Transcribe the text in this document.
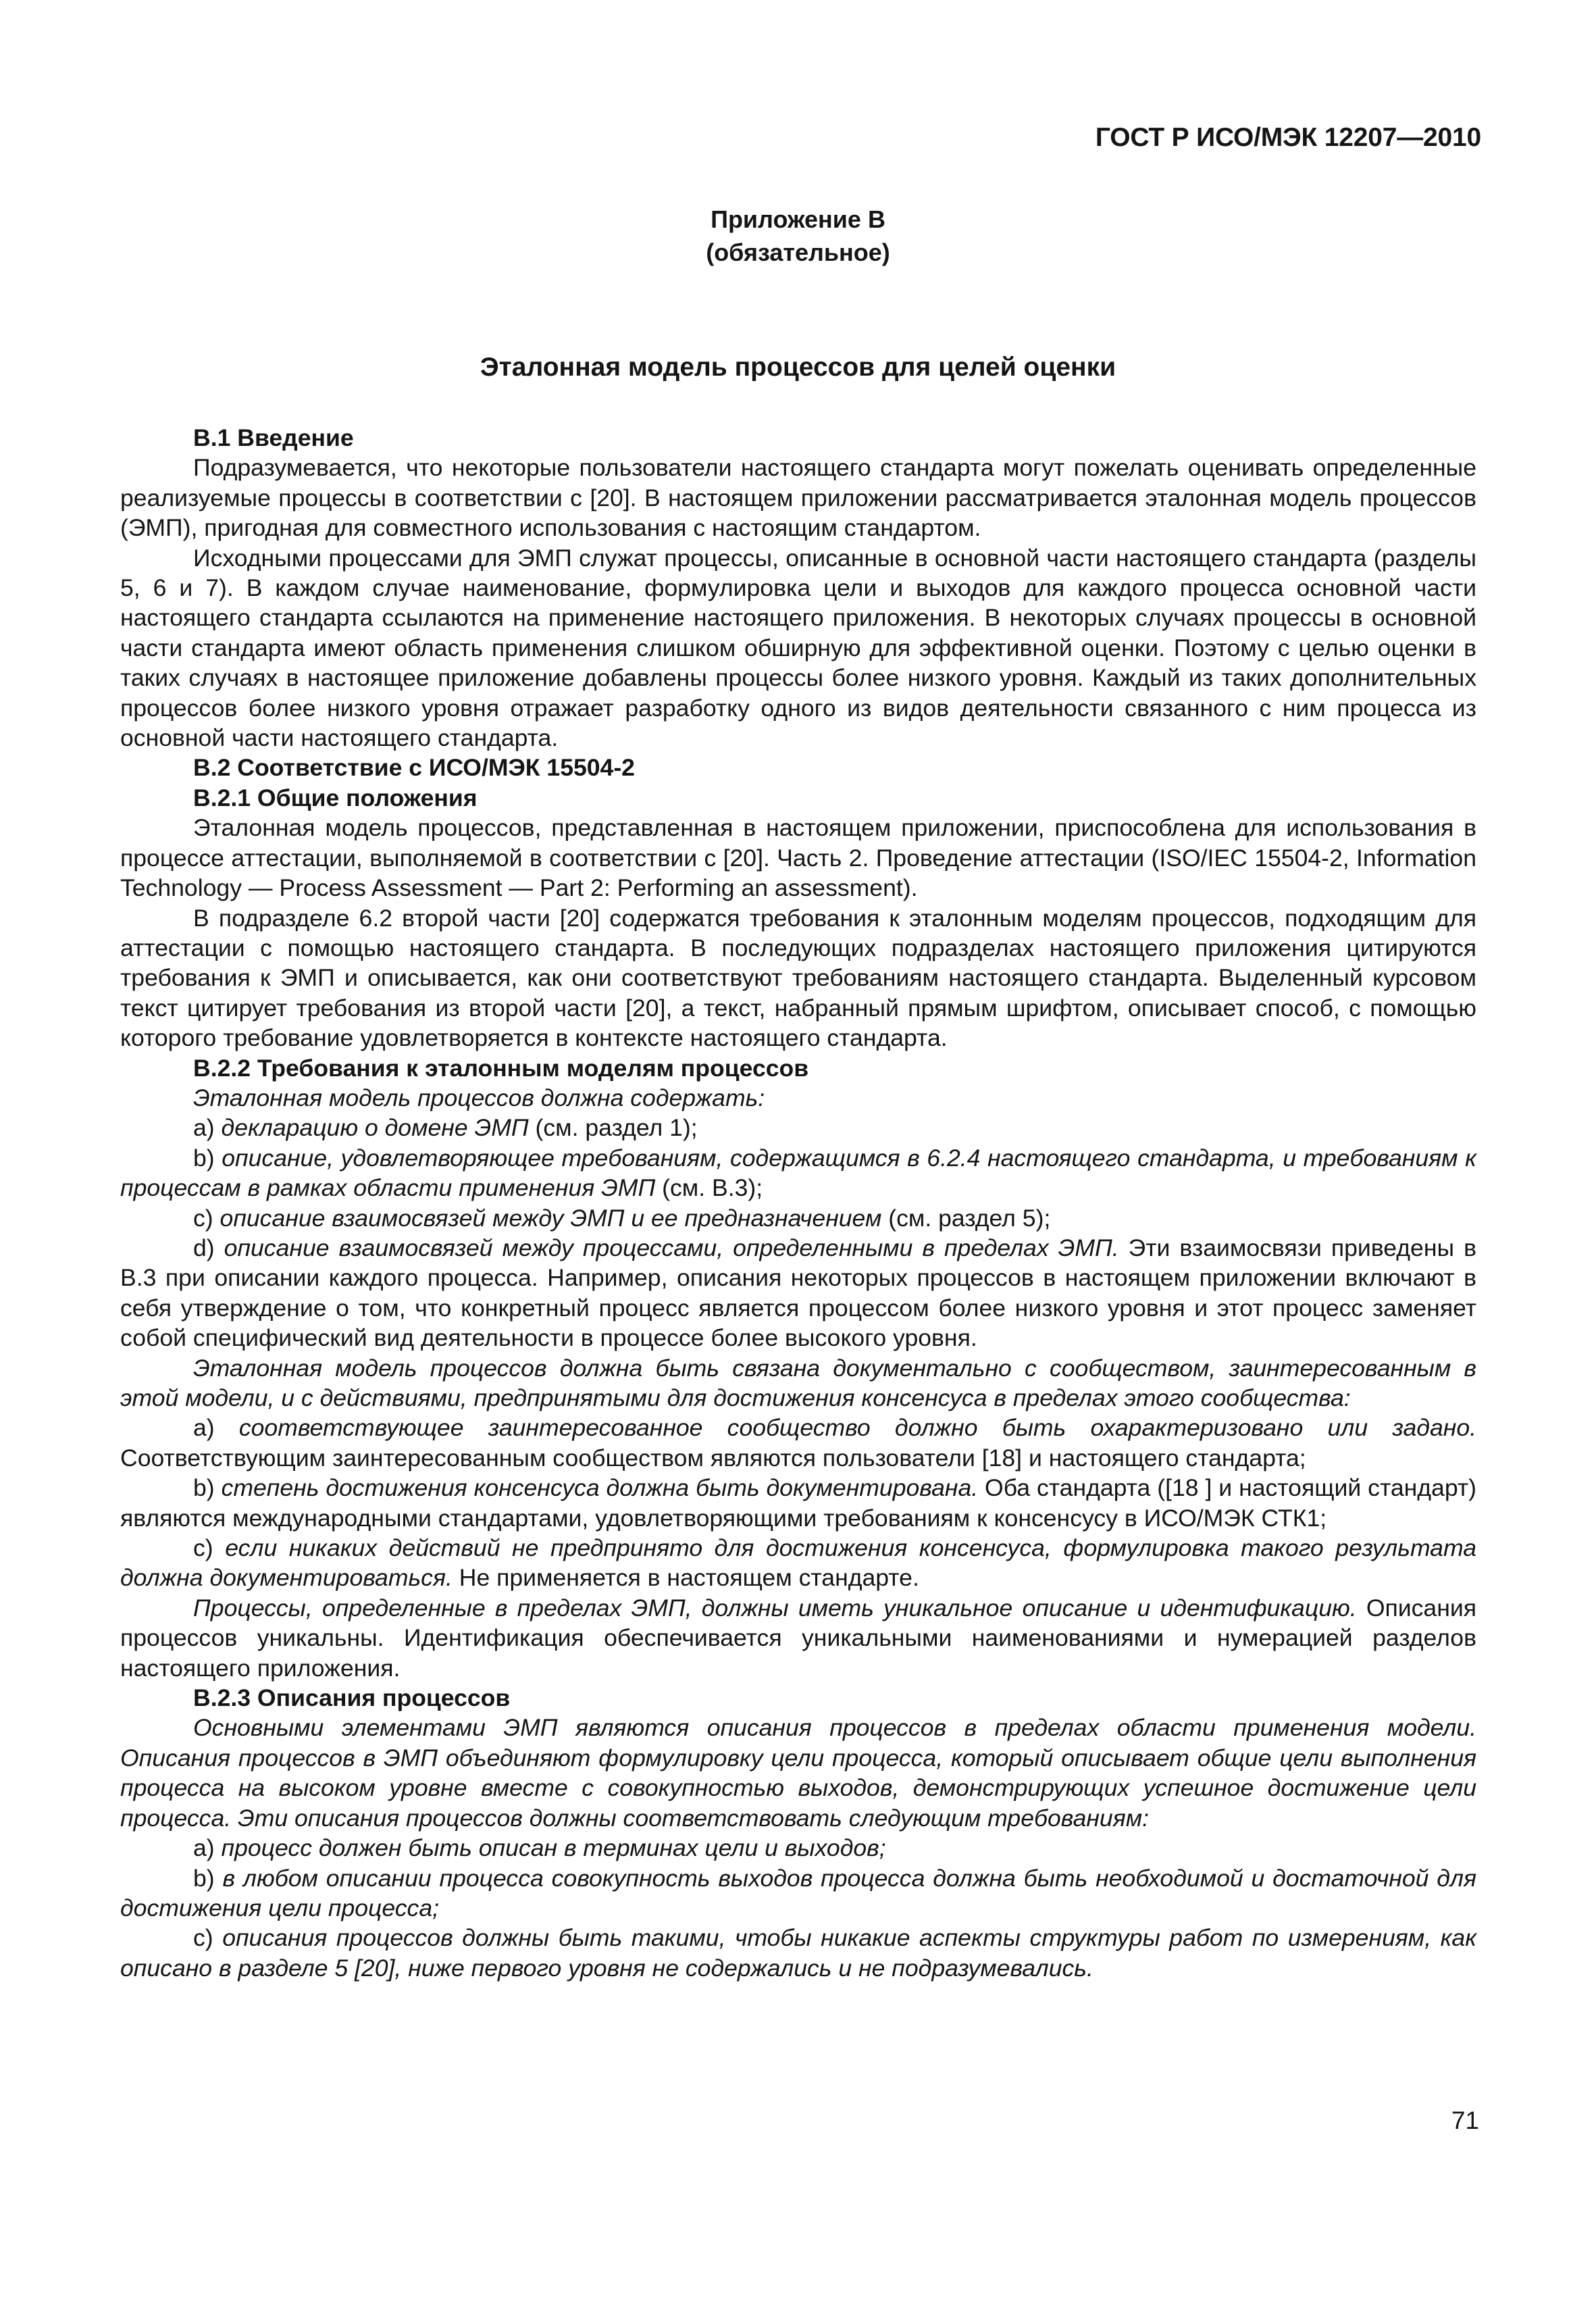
ГОСТ Р ИСО/МЭК 12207—2010
Приложение В
(обязательное)
Эталонная модель процессов для целей оценки

В.1 Введение

Подразумевается, что некоторые пользователи настоящего стандарта могут пожелать оценивать определенные реализуемые процессы в соответствии с [20]. В настоящем приложении рассматривается эталонная модель процессов (ЭМП), пригодная для совместного использования с настоящим стандартом.

Исходными процессами для ЭМП служат процессы, описанные в основной части настоящего стандарта (разделы 5, 6 и 7). В каждом случае наименование, формулировка цели и выходов для каждого процесса основной части настоящего стандарта ссылаются на применение настоящего приложения. В некоторых случаях процессы в основной части стандарта имеют область применения слишком обширную для эффективной оценки. Поэтому с целью оценки в таких случаях в настоящее приложение добавлены процессы более низкого уровня. Каждый из таких дополнительных процессов более низкого уровня отражает разработку одного из видов деятельности связанного с ним процесса из основной части настоящего стандарта.

В.2 Соответствие с ИСО/МЭК 15504-2

В.2.1 Общие положения

Эталонная модель процессов, представленная в настоящем приложении, приспособлена для использования в процессе аттестации, выполняемой в соответствии с [20]. Часть 2. Проведение аттестации (ISO/IEC 15504-2, Information Technology — Process Assessment — Part 2: Performing an assessment).

В подразделе 6.2 второй части [20] содержатся требования к эталонным моделям процессов, подходящим для аттестации с помощью настоящего стандарта. В последующих подразделах настоящего приложения цитируются требования к ЭМП и описывается, как они соответствуют требованиям настоящего стандарта. Выделенный курсовом текст цитирует требования из второй части [20], а текст, набранный прямым шрифтом, описывает способ, с помощью которого требование удовлетворяется в контексте настоящего стандарта.

В.2.2 Требования к эталонным моделям процессов

Эталонная модель процессов должна содержать:

а) декларацию о домене ЭМП (см. раздел 1);

b) описание, удовлетворяющее требованиям, содержащимся в 6.2.4 настоящего стандарта, и требованиям к процессам в рамках области применения ЭМП (см. В.3);

c) описание взаимосвязей между ЭМП и ее предназначением (см. раздел 5);

d) описание взаимосвязей между процессами, определенными в пределах ЭМП. Эти взаимосвязи приведены в В.3 при описании каждого процесса. Например, описания некоторых процессов в настоящем приложении включают в себя утверждение о том, что конкретный процесс является процессом более низкого уровня и этот процесс заменяет собой специфический вид деятельности в процессе более высокого уровня.

Эталонная модель процессов должна быть связана документально с сообществом, заинтересованным в этой модели, и с действиями, предпринятыми для достижения консенсуса в пределах этого сообщества:

a) соответствующее заинтересованное сообщество должно быть охарактеризовано или задано. Соответствующим заинтересованным сообществом являются пользователи [18] и настоящего стандарта;

b) степень достижения консенсуса должна быть документирована. Оба стандарта ([18 ] и настоящий стандарт) являются международными стандартами, удовлетворяющими требованиям к консенсусу в ИСО/МЭК СТК1;

c) если никаких действий не предпринято для достижения консенсуса, формулировка такого результата должна документироваться. Не применяется в настоящем стандарте.

Процессы, определенные в пределах ЭМП, должны иметь уникальное описание и идентификацию. Описания процессов уникальны. Идентификация обеспечивается уникальными наименованиями и нумерацией разделов настоящего приложения.

В.2.3 Описания процессов

Основными элементами ЭМП являются описания процессов в пределах области применения модели. Описания процессов в ЭМП объединяют формулировку цели процесса, который описывает общие цели выполнения процесса на высоком уровне вместе с совокупностью выходов, демонстрирующих успешное достижение цели процесса. Эти описания процессов должны соответствовать следующим требованиям:

а) процесс должен быть описан в терминах цели и выходов;

b) в любом описании процесса совокупность выходов процесса должна быть необходимой и достаточной для достижения цели процесса;

c) описания процессов должны быть такими, чтобы никакие аспекты структуры работ по измерениям, как описано в разделе 5 [20], ниже первого уровня не содержались и не подразумевались.

71
